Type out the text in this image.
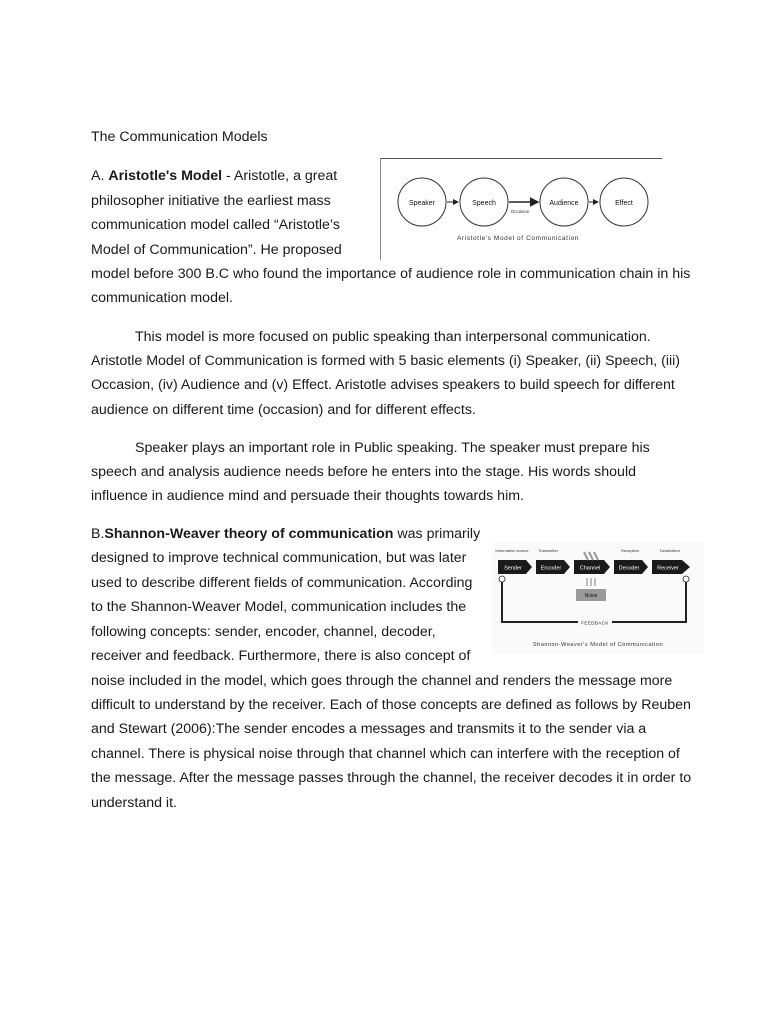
The Communication Models
A. Aristotle's Model - Aristotle, a great
philosopher initiative the earliest mass
communication model called “Aristotle’s
Model of Communication”. He proposed
model before 300 B.C who found the importance of audience role in communication chain in his
communication model.
This model is more focused on public speaking than interpersonal communication.
Aristotle Model of Communication is formed with 5 basic elements (i) Speaker, (ii) Speech, (iii)
Occasion, (iv) Audience and (v) Effect. Aristotle advises speakers to build speech for different
audience on different time (occasion) and for different effects.
Speaker plays an important role in Public speaking. The speaker must prepare his
speech and analysis audience needs before he enters into the stage. His words should
influence in audience mind and persuade their thoughts towards him.
B.Shannon-Weaver theory of communication was primarily
designed to improve technical communication, but was later
used to describe different fields of communication. According
to the Shannon-Weaver Model, communication includes the
following concepts: sender, encoder, channel, decoder,
receiver and feedback. Furthermore, there is also concept of
noise included in the model, which goes through the channel and renders the message more
difficult to understand by the receiver. Each of those concepts are defined as follows by Reuben
and Stewart (2006):The sender encodes a messages and transmits it to the sender via a
channel. There is physical noise through that channel which can interfere with the reception of
the message. After the message passes through the channel, the receiver decodes it in order to
understand it.
Speaker	Speech	Audience	Effect
Occasion
Aristotle's Model of Communication
Information source Transmitter	Reception	Destination
Sender	Encoder	Channel	Decoder	Receiver
Noise
FEEDBACK
Shannon-Weaver's Model of Communication
